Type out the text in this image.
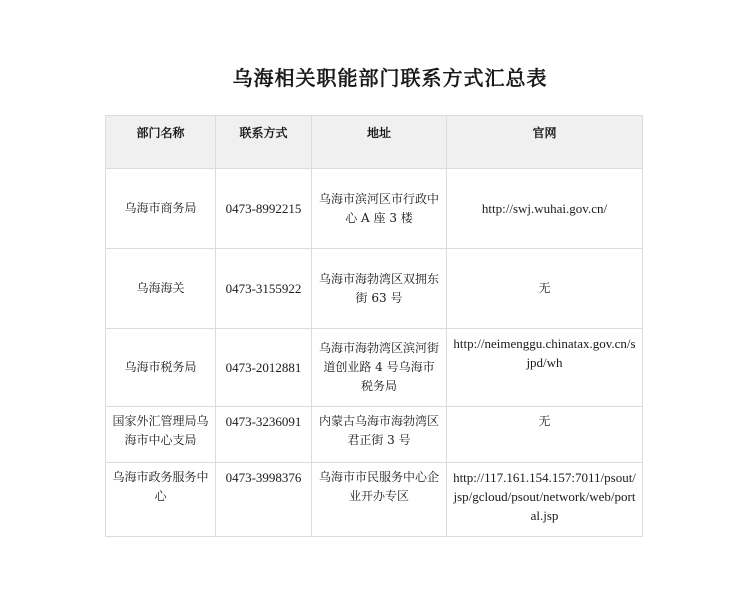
乌海相关职能部门联系方式汇总表
部门名称	联系方式	地址	官网
乌海市商务局	0473-8992215	乌海市滨河区市行政中心 A 座 3 楼	http://swj.wuhai.gov.cn/
乌海海关	0473-3155922	乌海市海勃湾区双拥东街 63 号	无
乌海市税务局	0473-2012881	乌海市海勃湾区滨河街道创业路 4 号乌海市税务局	http://neimenggu.chinatax.gov.cn/sjpd/wh
国家外汇管理局乌海市中心支局	0473-3236091	内蒙古乌海市海勃湾区君正街 3 号	无
乌海市政务服务中心	0473-3998376	乌海市市民服务中心企业开办专区	http://117.161.154.157:7011/psout/jsp/gcloud/psout/network/web/portal.jsp
